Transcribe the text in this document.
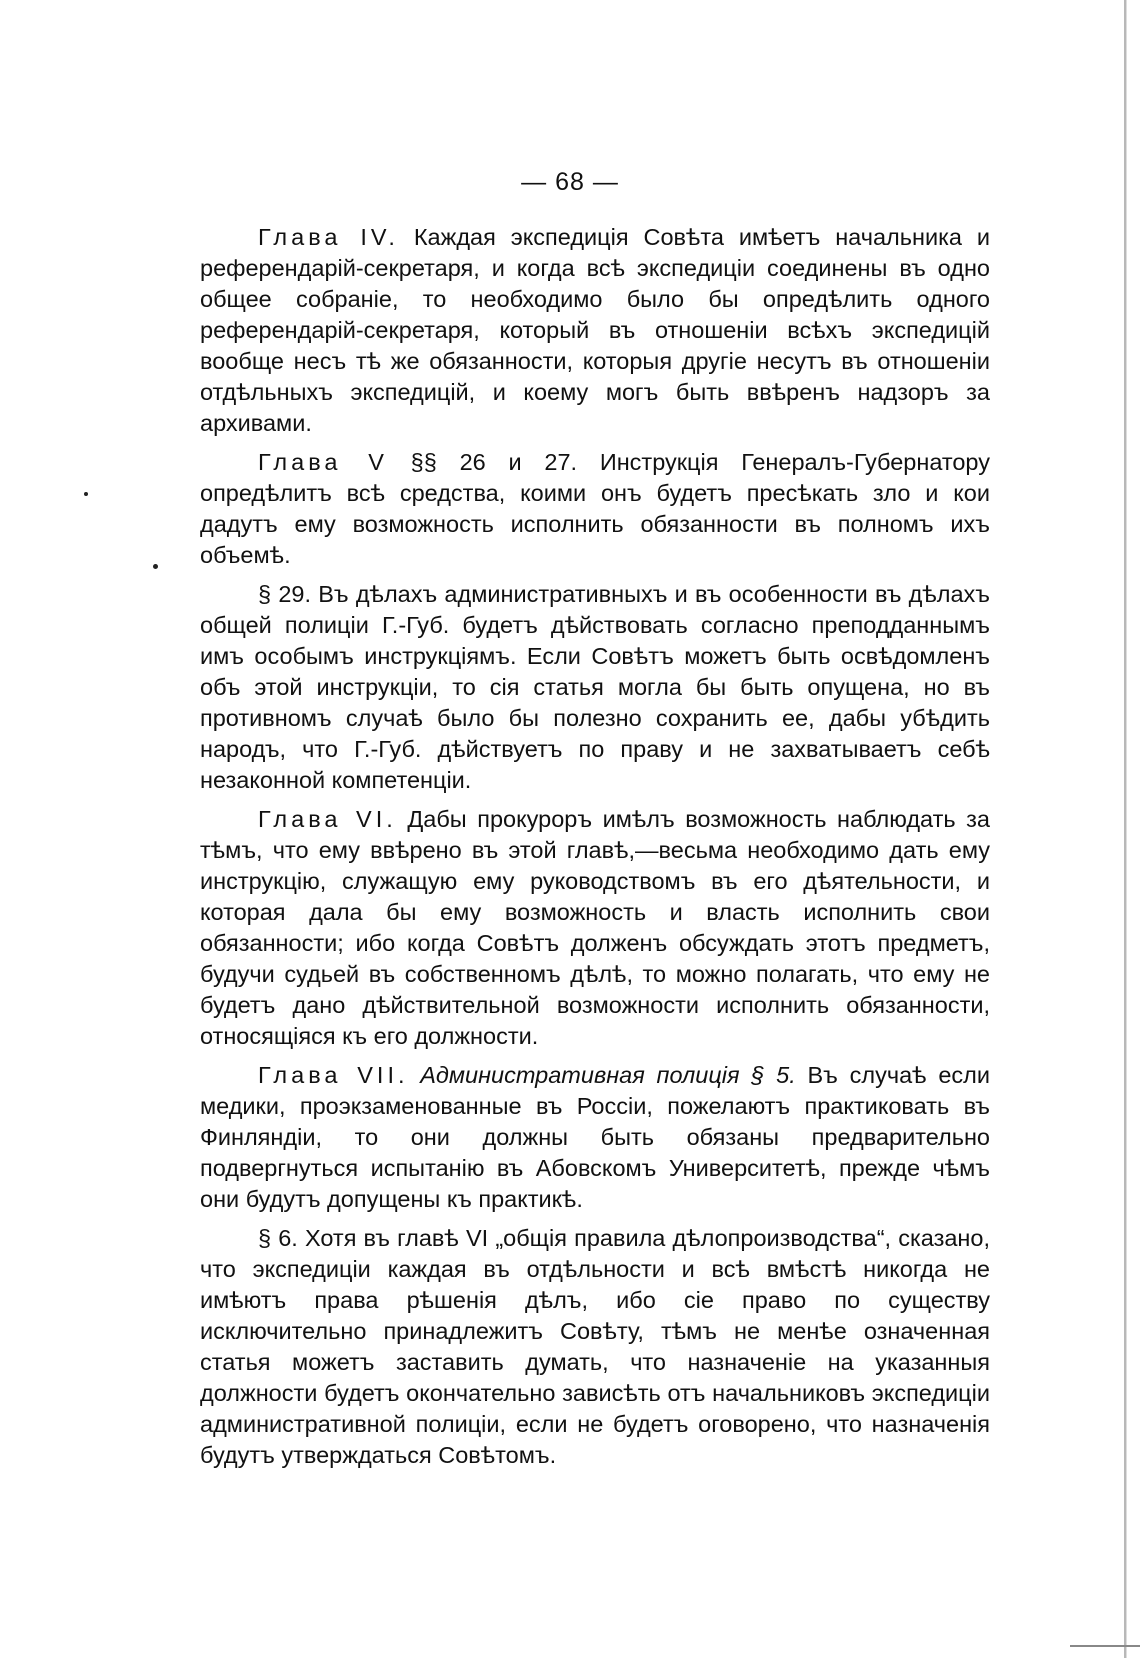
— 68 —

Глава IV. Каждая экспедиція Совѣта имѣетъ начальника и референдарій-секретаря, и когда всѣ экспедиціи соединены въ одно общее собраніе, то необходимо было бы опредѣлить одного референдарій-секретаря, который въ отношеніи всѣхъ экспедицій вообще несъ тѣ же обязанности, которыя другіе несутъ въ отношеніи отдѣльныхъ экспедицій, и коему могъ быть ввѣренъ надзоръ за архивами.

Глава V §§ 26 и 27. Инструкція Генералъ-Губернатору опредѣлитъ всѣ средства, коими онъ будетъ пресѣкать зло и кои дадутъ ему возможность исполнить обязанности въ полномъ ихъ объемѣ.

§ 29. Въ дѣлахъ административныхъ и въ особенности въ дѣлахъ общей полиціи Г.-Губ. будетъ дѣйствовать согласно преподданнымъ имъ особымъ инструкціямъ. Если Совѣтъ можетъ быть освѣдомленъ объ этой инструкціи, то сія статья могла бы быть опущена, но въ противномъ случаѣ было бы полезно сохранить ее, дабы убѣдить народъ, что Г.-Губ. дѣйствуетъ по праву и не захватываетъ себѣ незаконной компетенціи.

Глава VI. Дабы прокуроръ имѣлъ возможность наблюдать за тѣмъ, что ему ввѣрено въ этой главѣ,—весьма необходимо дать ему инструкцію, служащую ему руководствомъ въ его дѣятельности, и которая дала бы ему возможность и власть исполнить свои обязанности; ибо когда Совѣтъ долженъ обсуждать этотъ предметъ, будучи судьей въ собственномъ дѣлѣ, то можно полагать, что ему не будетъ дано дѣйствительной возможности исполнить обязанности, относящіяся къ его должности.

Глава VII. Административная полиція § 5. Въ случаѣ если медики, проэкзаменованные въ Россіи, пожелаютъ практиковать въ Финляндіи, то они должны быть обязаны предварительно подвергнуться испытанію въ Абовскомъ Университетѣ, прежде чѣмъ они будутъ допущены къ практикѣ.

§ 6. Хотя въ главѣ VI „общія правила дѣлопроизводства“, сказано, что экспедиціи каждая въ отдѣльности и всѣ вмѣстѣ никогда не имѣютъ права рѣшенія дѣлъ, ибо сіе право по существу исключительно принадлежитъ Совѣту, тѣмъ не менѣе означенная статья можетъ заставить думать, что назначеніе на указанныя должности будетъ окончательно зависѣть отъ начальниковъ экспедиціи административной полиціи, если не будетъ оговорено, что назначенія будутъ утверждаться Совѣтомъ.
